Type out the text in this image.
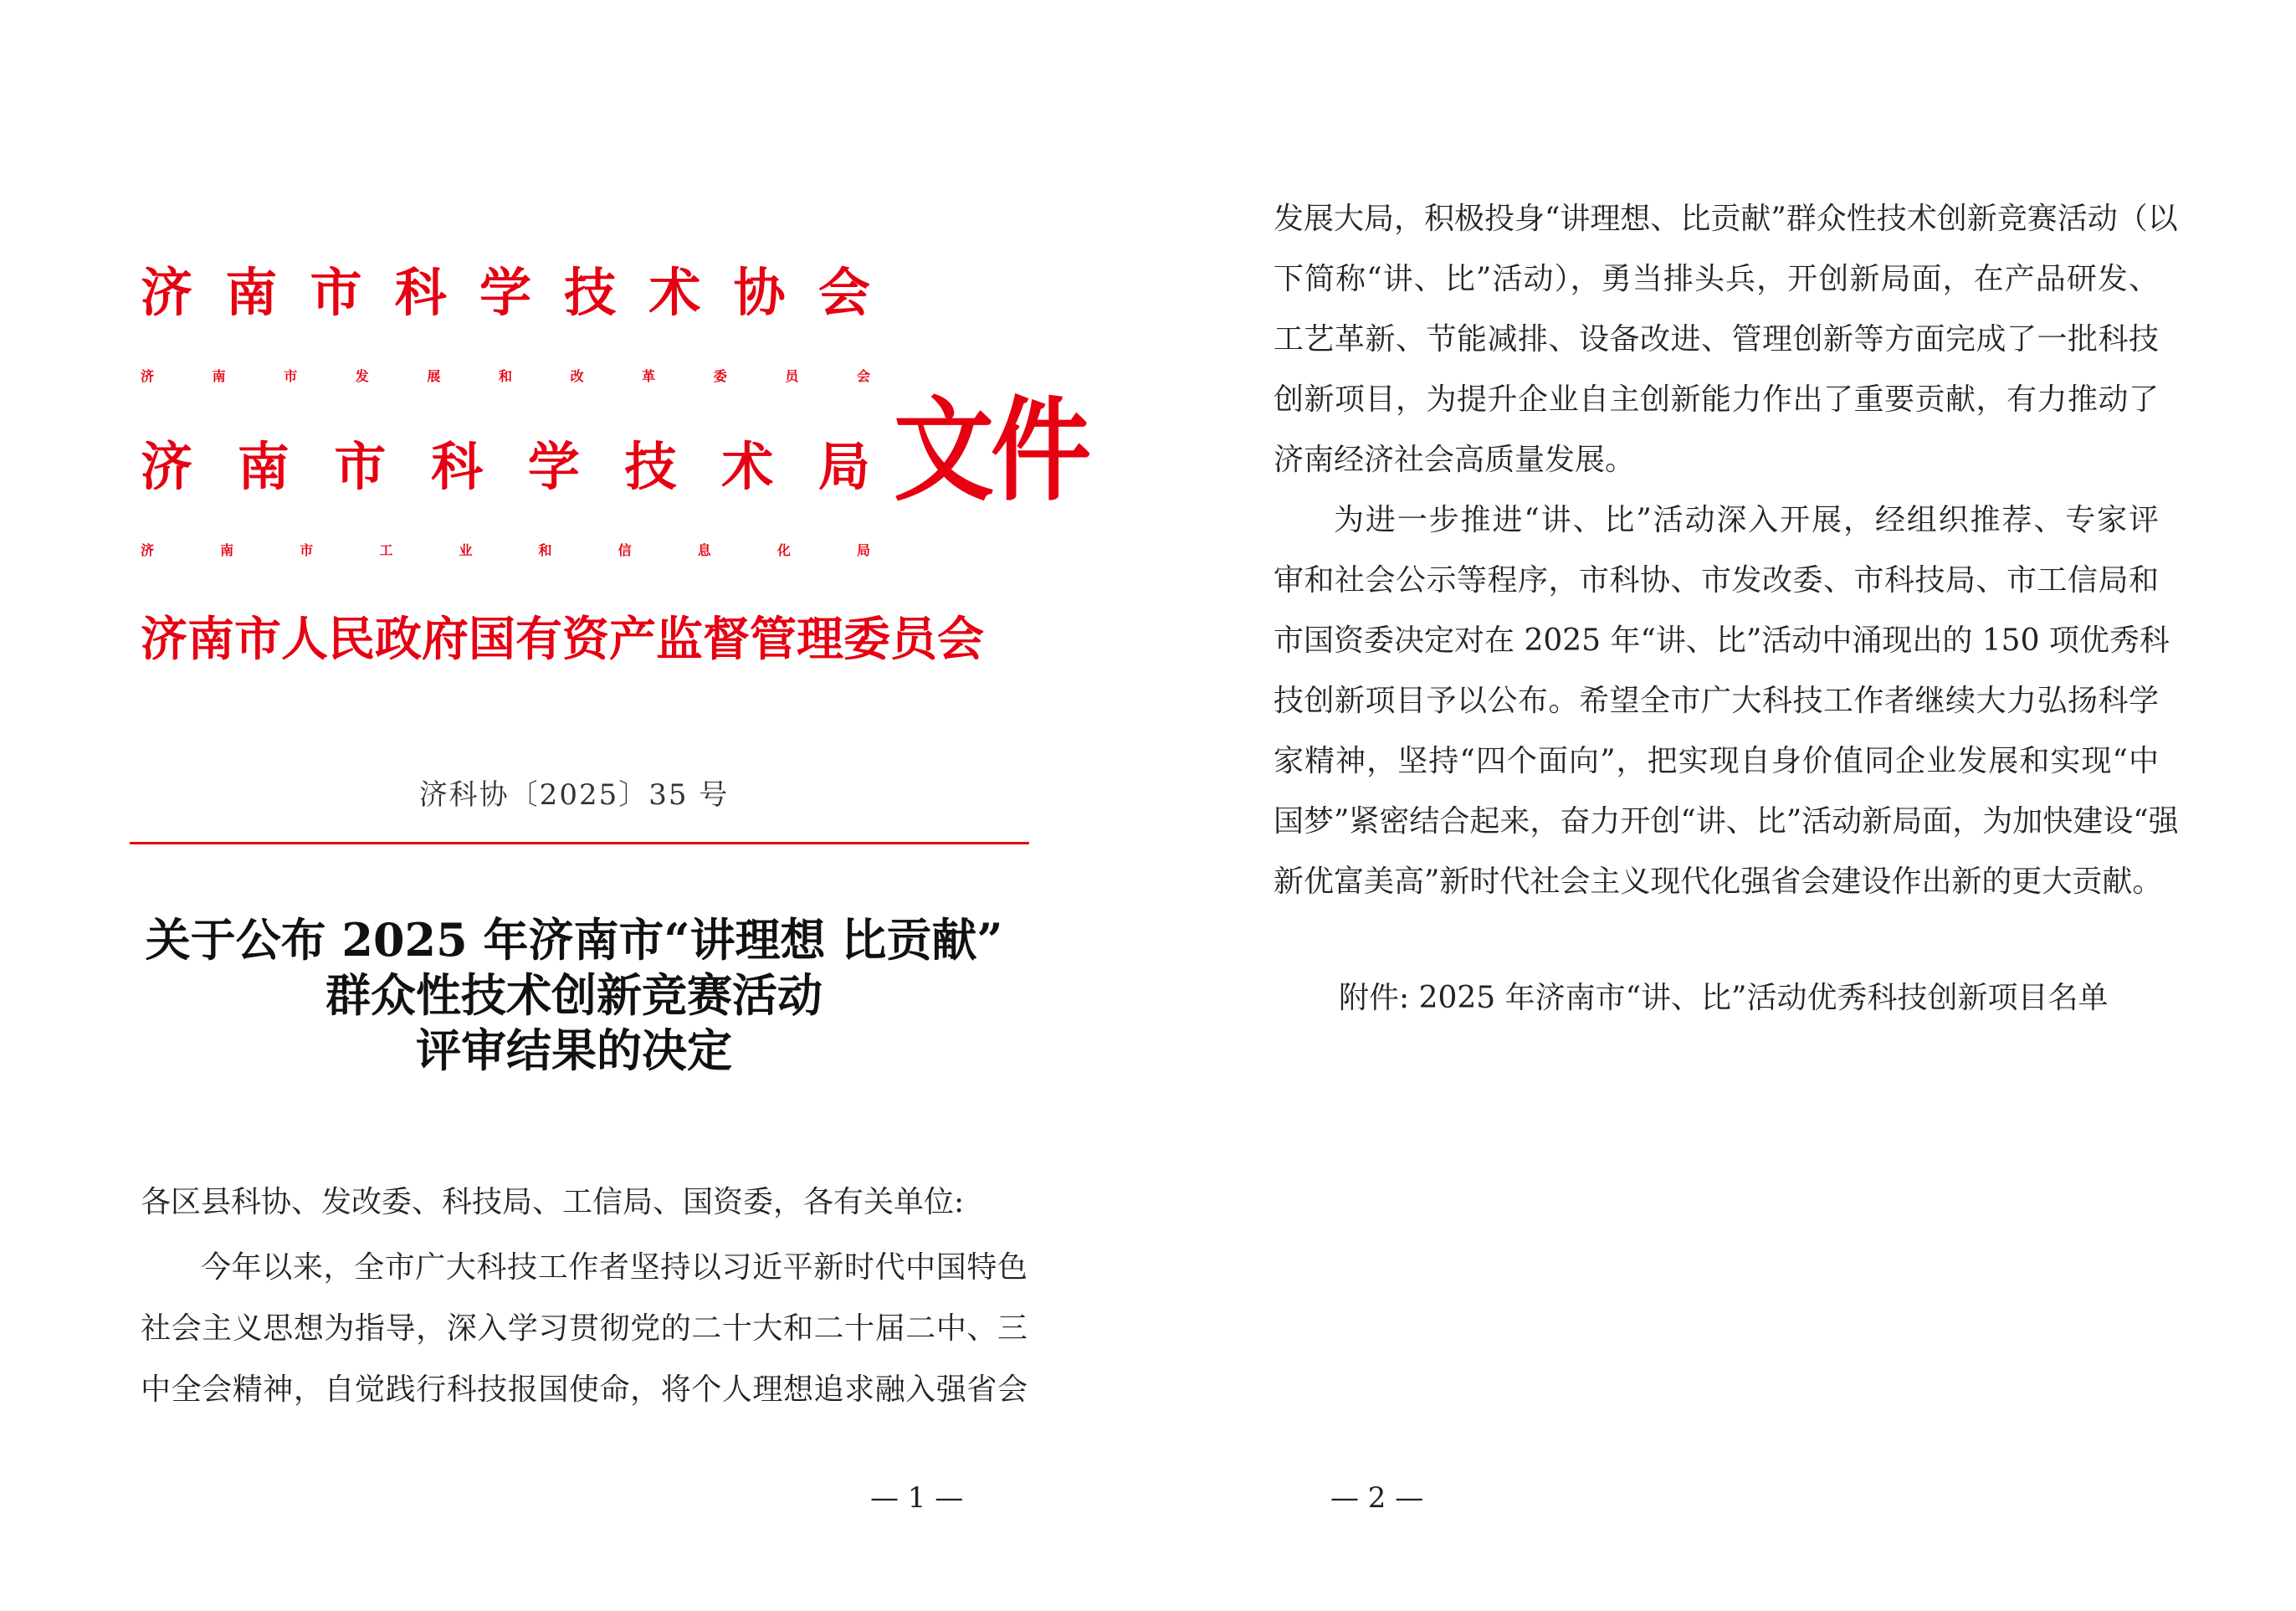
济 南 市 科 学 技 术 协 会
济	南	市	发	展	和	改	革	委	员	会
济 南 市 科 学 技 术 局
济	南	市	工	业	和	信	息	化	局
济 南 市 人 民 政 府 国 有 资 产 监 督 管 理 委 员 会
文件
济科协〔2025〕35 号
关于公布 2025 年济南市“讲理想 比贡献”
群众性技术创新竞赛活动
评审结果的决定
各区县科协、发改委、科技局、工信局、国资委，各有关单位:
今年以来，全市广大科技工作者坚持以习近平新时代中国特色
社会主义思想为指导，深入学习贯彻党的二十大和二十届二中、三
中全会精神，自觉践行科技报国使命，将个人理想追求融入强省会
— 1 —
发展大局，积极投身“讲理想、比贡献”群众性技术创新竞赛活动（以
下简称“讲、比”活动），勇当排头兵，开创新局面，在产品研发、
工艺革新、节能减排、设备改进、管理创新等方面完成了一批科技
创新项目，为提升企业自主创新能力作出了重要贡献，有力推动了
济南经济社会高质量发展。
为进一步推进“讲、比”活动深入开展，经组织推荐、专家评
审和社会公示等程序，市科协、市发改委、市科技局、市工信局和
市国资委决定对在 2025 年“讲、比”活动中涌现出的 150 项优秀科
技创新项目予以公布。希望全市广大科技工作者继续大力弘扬科学
家精神，坚持“四个面向”，把实现自身价值同企业发展和实现“中
国梦”紧密结合起来，奋力开创“讲、比”活动新局面，为加快建设“强
新优富美高”新时代社会主义现代化强省会建设作出新的更大贡献。
附件: 2025 年济南市“讲、比”活动优秀科技创新项目名单
— 2 —
